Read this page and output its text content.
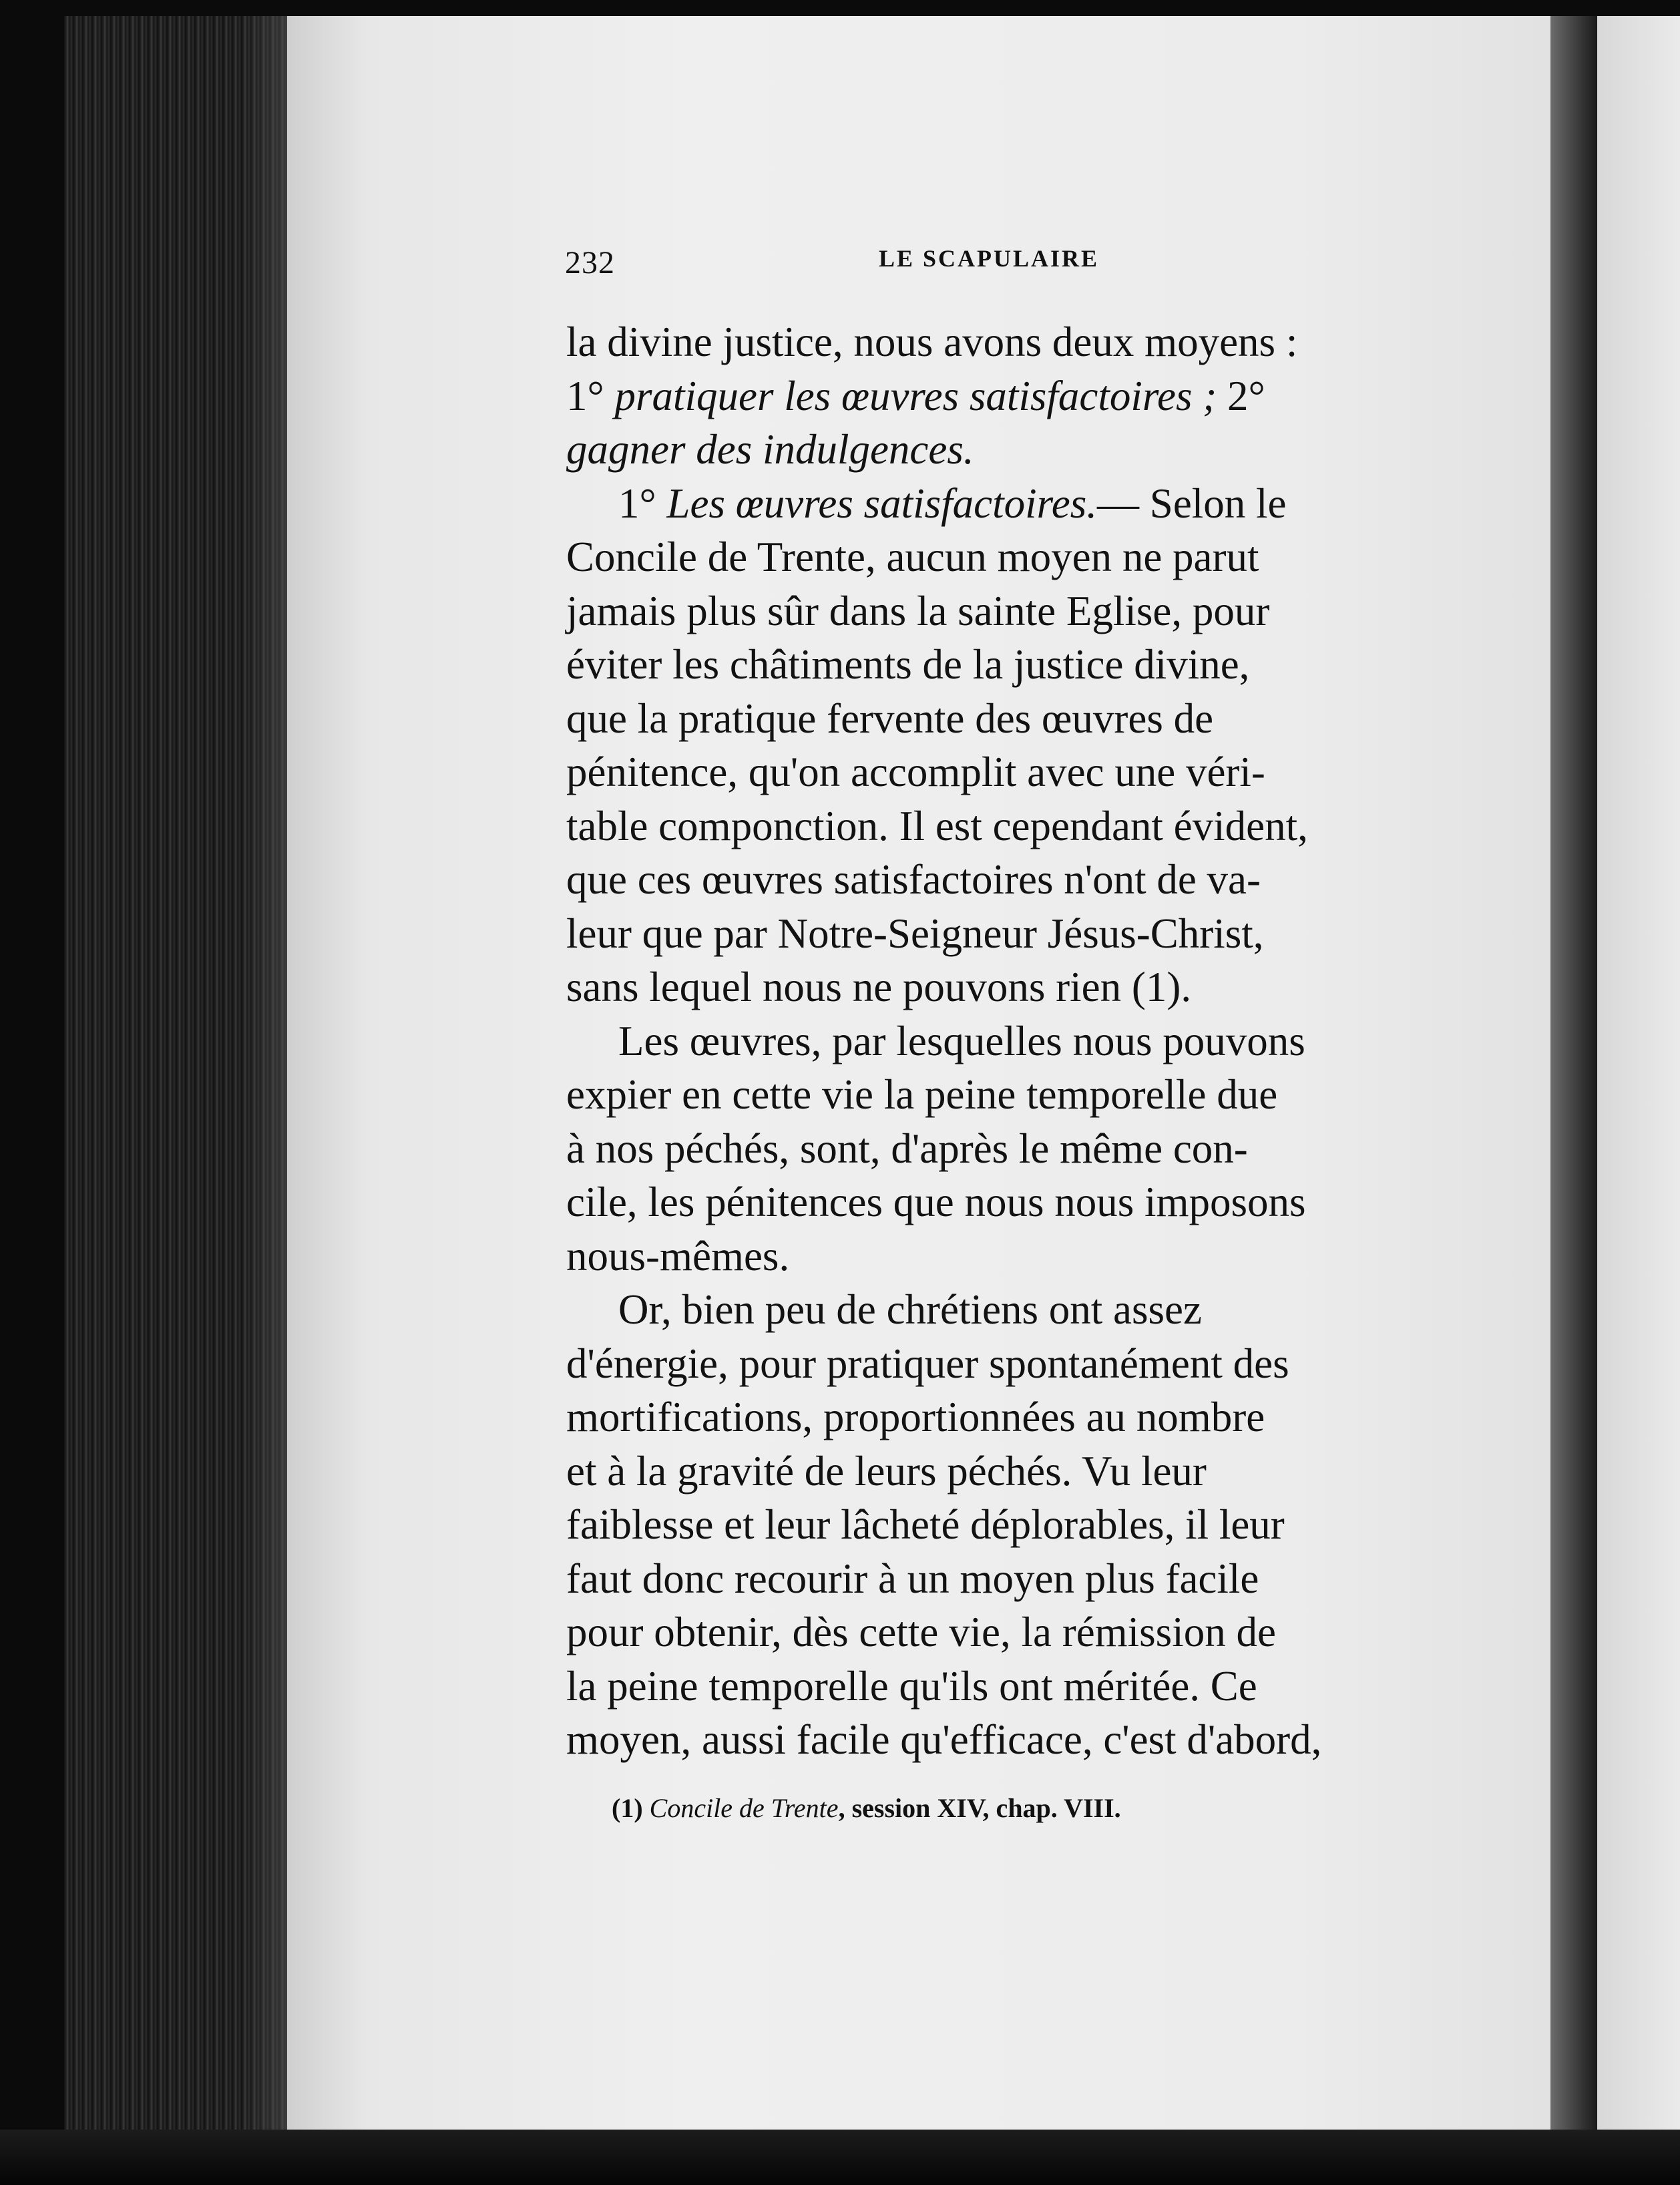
232	LE SCAPULAIRE
la divine justice, nous avons deux moyens :
1° pratiquer les œuvres satisfactoires ; 2°
gagner des indulgences.
1° Les œuvres satisfactoires.— Selon le
Concile de Trente, aucun moyen ne parut
jamais plus sûr dans la sainte Eglise, pour
éviter les châtiments de la justice divine,
que la pratique fervente des œuvres de
pénitence, qu'on accomplit avec une véri-
table componction. Il est cependant évident,
que ces œuvres satisfactoires n'ont de va-
leur que par Notre-Seigneur Jésus-Christ,
sans lequel nous ne pouvons rien (1).
Les œuvres, par lesquelles nous pouvons
expier en cette vie la peine temporelle due
à nos péchés, sont, d'après le même con-
cile, les pénitences que nous nous imposons
nous-mêmes.
Or, bien peu de chrétiens ont assez
d'énergie, pour pratiquer spontanément des
mortifications, proportionnées au nombre
et à la gravité de leurs péchés. Vu leur
faiblesse et leur lâcheté déplorables, il leur
faut donc recourir à un moyen plus facile
pour obtenir, dès cette vie, la rémission de
la peine temporelle qu'ils ont méritée. Ce
moyen, aussi facile qu'efficace, c'est d'abord,
(1) Concile de Trente, session XIV, chap. VIII.
